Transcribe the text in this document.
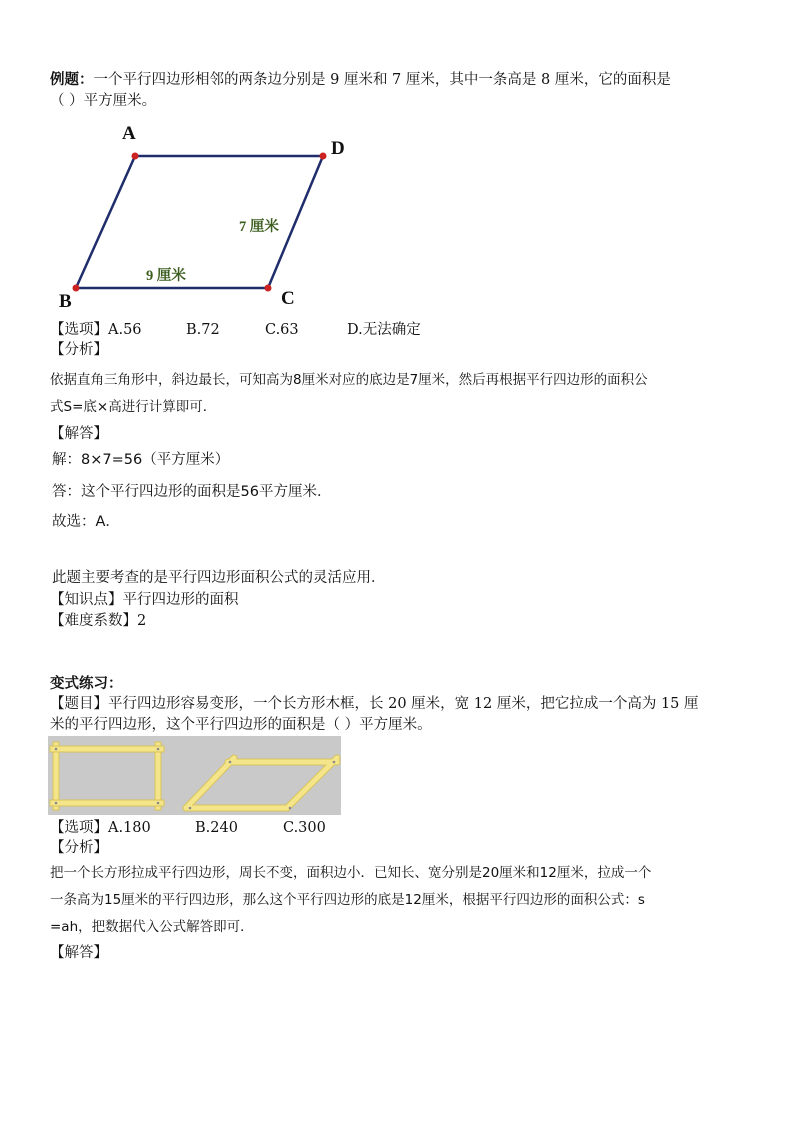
例题：一个平行四边形相邻的两条边分别是 9 厘米和 7 厘米，其中一条高是 8 厘米，它的面积是
（ ）平方厘米。
A
D
C
B
7 厘米
9 厘米
【选项】A.56	B.72	C.63	D.无法确定
【分析】
依据直角三角形中，斜边最长，可知高为8厘米对应的底边是7厘米，然后再根据平行四边形的面积公
式S=底×高进行计算即可．
【解答】
解：8×7=56（平方厘米）
答：这个平行四边形的面积是56平方厘米．
故选：A．
此题主要考查的是平行四边形面积公式的灵活应用．
【知识点】平行四边形的面积
【难度系数】2
变式练习：
【题目】平行四边形容易变形，一个长方形木框，长 20 厘米，宽 12 厘米，把它拉成一个高为 15 厘
米的平行四边形，这个平行四边形的面积是（ ）平方厘米。
【选项】A.180	B.240	C.300
【分析】
把一个长方形拉成平行四边形，周长不变，面积边小．已知长、宽分别是20厘米和12厘米，拉成一个
一条高为15厘米的平行四边形，那么这个平行四边形的底是12厘米，根据平行四边形的面积公式：s
=ah，把数据代入公式解答即可．
【解答】
